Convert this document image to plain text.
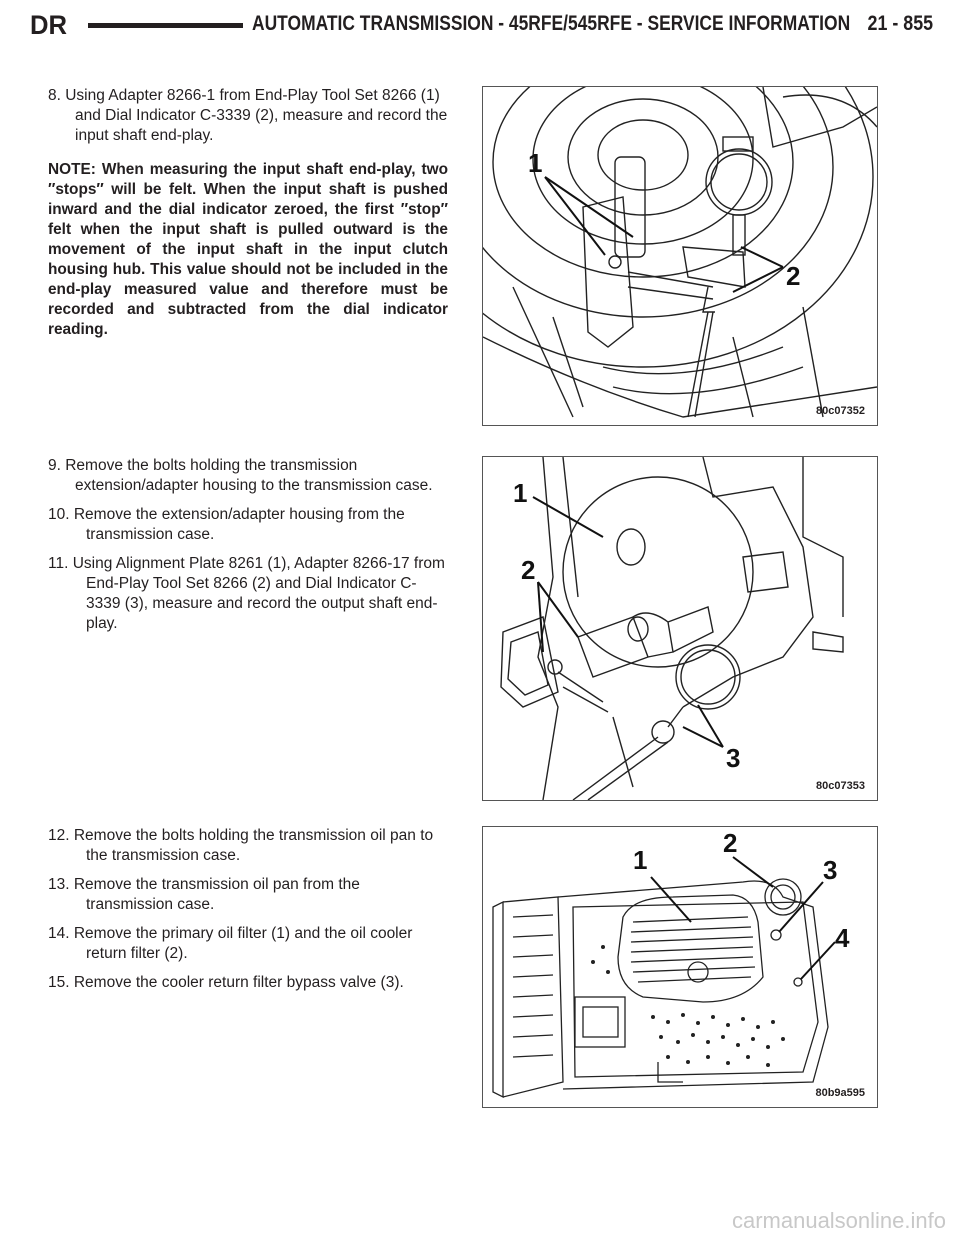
DR	AUTOMATIC TRANSMISSION - 45RFE/545RFE - SERVICE INFORMATION 21 - 855

8. Using Adapter 8266-1 from End-Play Tool Set 8266 (1) and Dial Indicator C-3339 (2), measure and record the input shaft end-play.

NOTE: When measuring the input shaft end-play, two ″stops″ will be felt. When the input shaft is pushed inward and the dial indicator zeroed, the first ″stop″ felt when the input shaft is pulled outward is the movement of the input shaft in the input clutch housing hub. This value should not be included in the end-play measured value and therefore must be recorded and subtracted from the dial indicator reading.

1
2
80c07352

9. Remove the bolts holding the transmission extension/adapter housing to the transmission case.

10. Remove the extension/adapter housing from the transmission case.

11. Using Alignment Plate 8261 (1), Adapter 8266-17 from End-Play Tool Set 8266 (2) and Dial Indicator C-3339 (3), measure and record the output shaft end-play.

1
2
3
80c07353

12. Remove the bolts holding the transmission oil pan to the transmission case.

13. Remove the transmission oil pan from the transmission case.

14. Remove the primary oil filter (1) and the oil cooler return filter (2).

15. Remove the cooler return filter bypass valve (3).

1
2
3
4
80b9a595
carmanualsonline.info
